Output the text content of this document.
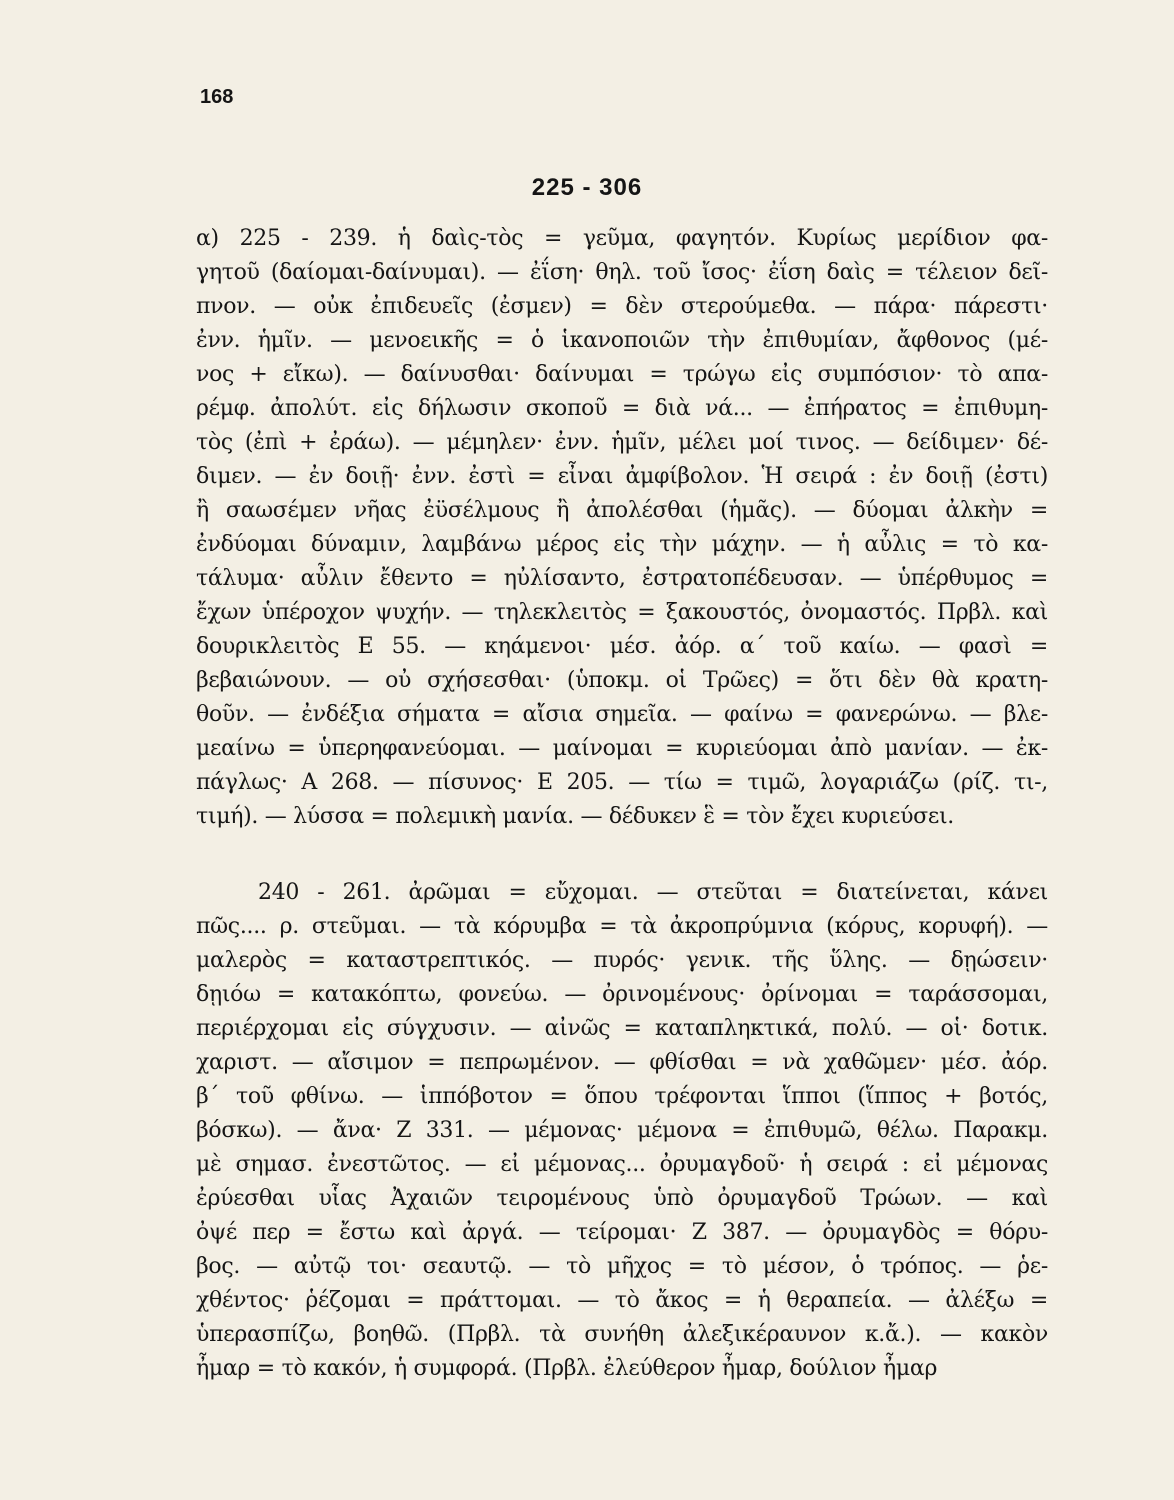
168
225 - 306
α) 225 - 239. ἡ δαὶς-τὸς = γεῦμα, φαγητόν. Κυρίως μερίδιον φα-
γητοῦ (δαίομαι-δαίνυμαι). — ἐΐση· θηλ. τοῦ ἴσος· ἐΐση δαὶς = τέλειον δεῖ-
πνον. — οὐκ ἐπιδευεῖς (ἐσμεν) = δὲν στερούμεθα. — πάρα· πάρεστι·
ἐνν. ἡμῖν. — μενοεικῆς = ὁ ἱκανοποιῶν τὴν ἐπιθυμίαν, ἄφθονος (μέ-
νος + εἴκω). — δαίνυσθαι· δαίνυμαι = τρώγω εἰς συμπόσιον· τὸ απα-
ρέμφ. ἀπολύτ. εἰς δήλωσιν σκοποῦ = διὰ νά... — ἐπήρατος = ἐπιθυμη-
τὸς (ἐπὶ + ἐράω). — μέμηλεν· ἐνν. ἡμῖν, μέλει μοί τινος. — δείδιμεν· δέ-
διμεν. — ἐν δοιῇ· ἐνν. ἐστὶ = εἶναι ἀμφίβολον. Ἡ σειρά : ἐν δοιῇ (ἐστι)
ἢ σαωσέμεν νῆας ἐϋσέλμους ἢ ἀπολέσθαι (ἡμᾶς). — δύομαι ἀλκὴν =
ἐνδύομαι δύναμιν, λαμβάνω μέρος εἰς τὴν μάχην. — ἡ αὖλις = τὸ κα-
τάλυμα· αὖλιν ἔθεντο = ηὐλίσαντο, ἐστρατοπέδευσαν. — ὑπέρθυμος =
ἔχων ὑπέροχον ψυχήν. — τηλεκλειτὸς = ξακουστός, ὀνομαστός. Πρβλ. καὶ
δουρικλειτὸς Ε 55. — κηάμενοι· μέσ. ἀόρ. α΄ τοῦ καίω. — φασὶ =
βεβαιώνουν. — οὐ σχήσεσθαι· (ὑποκμ. οἱ Τρῶες) = ὅτι δὲν θὰ κρατη-
θοῦν. — ἐνδέξια σήματα = αἴσια σημεῖα. — φαίνω = φανερώνω. — βλε-
μεαίνω = ὑπερηφανεύομαι. — μαίνομαι = κυριεύομαι ἀπὸ μανίαν. — ἐκ-
πάγλως· Α 268. — πίσυνος· Ε 205. — τίω = τιμῶ, λογαριάζω (ρίζ. τι-,
τιμή). — λύσσα = πολεμικὴ μανία. — δέδυκεν ἓ = τὸν ἔχει κυριεύσει.
240 - 261. ἀρῶμαι = εὔχομαι. — στεῦται = διατείνεται, κάνει
πῶς.... ρ. στεῦμαι. — τὰ κόρυμβα = τὰ ἀκροπρύμνια (κόρυς, κορυφή). —
μαλερὸς = καταστρεπτικός. — πυρός· γενικ. τῆς ὕλης. — δῃώσειν·
δῃιόω = κατακόπτω, φονεύω. — ὀρινομένους· ὀρίνομαι = ταράσσομαι,
περιέρχομαι εἰς σύγχυσιν. — αἰνῶς = καταπληκτικά, πολύ. — οἱ· δοτικ.
χαριστ. — αἴσιμον = πεπρωμένον. — φθίσθαι = νὰ χαθῶμεν· μέσ. ἀόρ.
β΄ τοῦ φθίνω. — ἱππόβοτον = ὅπου τρέφονται ἵπποι (ἵππος + βοτός,
βόσκω). — ἄνα· Ζ 331. — μέμονας· μέμονα = ἐπιθυμῶ, θέλω. Παρακμ.
μὲ σημασ. ἐνεστῶτος. — εἰ μέμονας... ὀρυμαγδοῦ· ἡ σειρά : εἰ μέμονας
ἐρύεσθαι υἷας Ἀχαιῶν τειρομένους ὑπὸ ὀρυμαγδοῦ Τρώων. — καὶ
ὀψέ περ = ἔστω καὶ ἀργά. — τείρομαι· Ζ 387. — ὀρυμαγδὸς = θόρυ-
βος. — αὐτῷ τοι· σεαυτῷ. — τὸ μῆχος = τὸ μέσον, ὁ τρόπος. — ῥε-
χθέντος· ῥέζομαι = πράττομαι. — τὸ ἄκος = ἡ θεραπεία. — ἀλέξω =
ὑπερασπίζω, βοηθῶ. (Πρβλ. τὰ συνήθη ἀλεξικέραυνον κ.ἄ.). — κακὸν
ἦμαρ = τὸ κακόν, ἡ συμφορά. (Πρβλ. ἐλεύθερον ἦμαρ, δούλιον ἦμαρ
